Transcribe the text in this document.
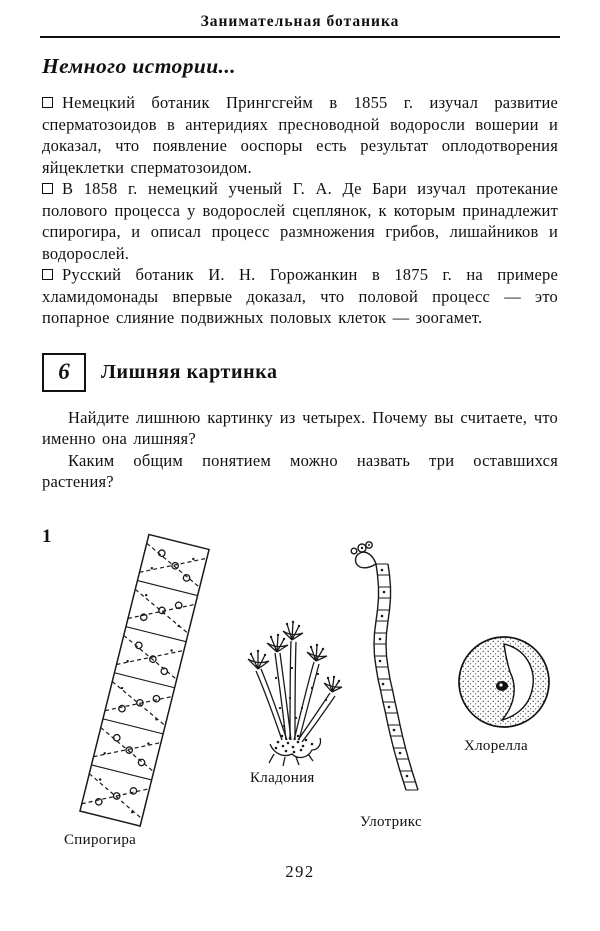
Занимательная ботаника
Немного истории...

Немецкий ботаник Прингсгейм в 1855 г. изучал развитие сперматозоидов в антеридиях пресноводной водоросли вошерии и доказал, что появление ооспоры есть результат оплодотворения яйцеклетки сперматозоидом.

В 1858 г. немецкий ученый Г. А. Де Бари изучал протекание полового процесса у водорослей сцеплянок, к которым принадлежит спирогира, и описал процесс размножения грибов, лишайников и водорослей.

Русский ботаник И. Н. Горожанкин в 1875 г. на примере хламидомонады впервые доказал, что половой процесс — это попарное слияние подвижных половых клеток — зоогамет.

6 Лишняя картинка

Найдите лишнюю картинку из четырех. Почему вы считаете, что именно она лишняя?

Каким общим понятием можно назвать три оставшихся растения?

1
Спирогира
Кладония
Улотрикс
Хлорелла
292
